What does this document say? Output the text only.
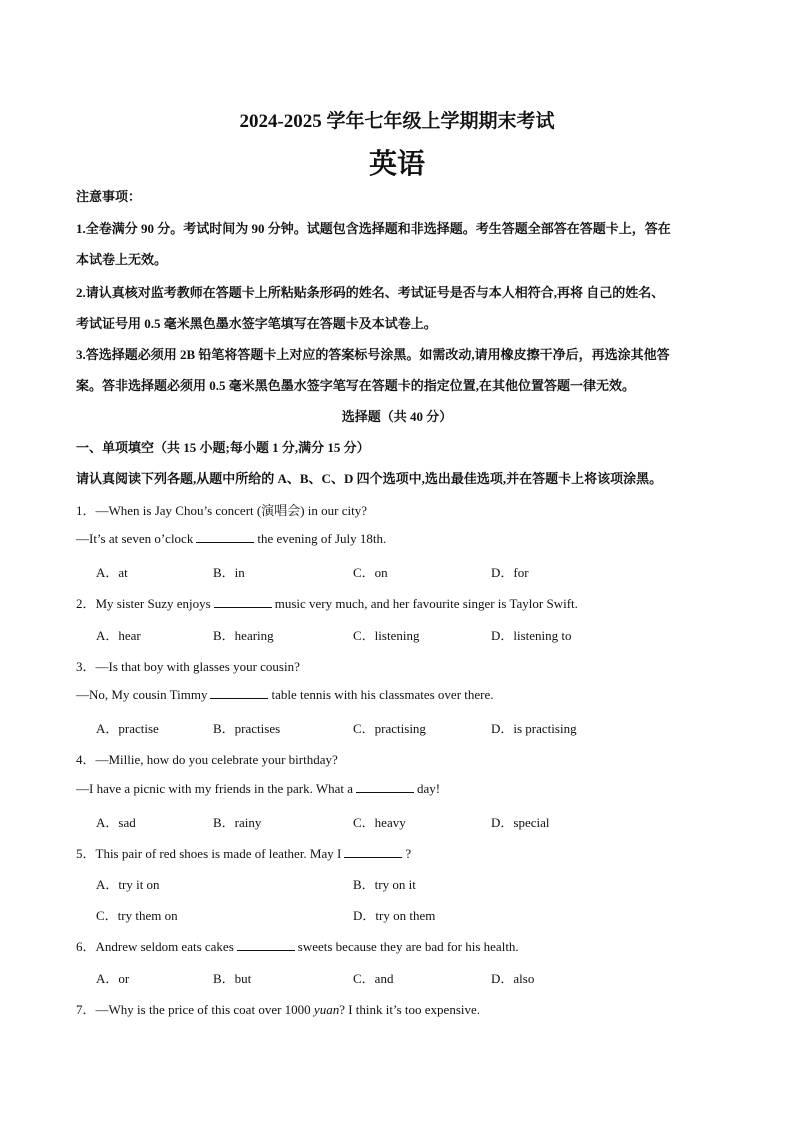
2024-2025 学年七年级上学期期末考试
英语
注意事项：
1.全卷满分 90 分。考试时间为 90 分钟。试题包含选择题和非选择题。考生答题全部答在答题卡上，答在
本试卷上无效。
2.请认真核对监考教师在答题卡上所粘贴条形码的姓名、考试证号是否与本人相符合,再将 自己的姓名、
考试证号用 0.5 毫米黑色墨水签字笔填写在答题卡及本试卷上。
3.答选择题必须用 2B 铅笔将答题卡上对应的答案标号涂黑。如需改动,请用橡皮擦干净后，再选涂其他答
案。答非选择题必须用 0.5 毫米黑色墨水签字笔写在答题卡的指定位置,在其他位置答题一律无效。
选择题（共 40 分）
一、单项填空（共 15 小题;每小题 1 分,满分 15 分）
请认真阅读下列各题,从题中所给的 A、B、C、D 四个选项中,选出最佳选项,并在答题卡上将该项涂黑。
1．—When is Jay Chou’s concert (演唱会) in our city?
—It’s at seven o’clock	the evening of July 18th.
A．at	B．in	C．on	D．for
2．My sister Suzy enjoys	music very much, and her favourite singer is Taylor Swift.
A．hear	B．hearing	C．listening	D．listening to
3．—Is that boy with glasses your cousin?
—No, My cousin Timmy	table tennis with his classmates over there.
A．practise	B．practises	C．practising	D．is practising
4．—Millie, how do you celebrate your birthday?
—I have a picnic with my friends in the park. What a	day!
A．sad	B．rainy	C．heavy	D．special
5．This pair of red shoes is made of leather. May I	?
A．try it on	B．try on it
C．try them on	D．try on them
6．Andrew seldom eats cakes	sweets because they are bad for his health.
A．or	B．but	C．and	D．also
7．—Why is the price of this coat over 1000 yuan? I think it’s too expensive.
